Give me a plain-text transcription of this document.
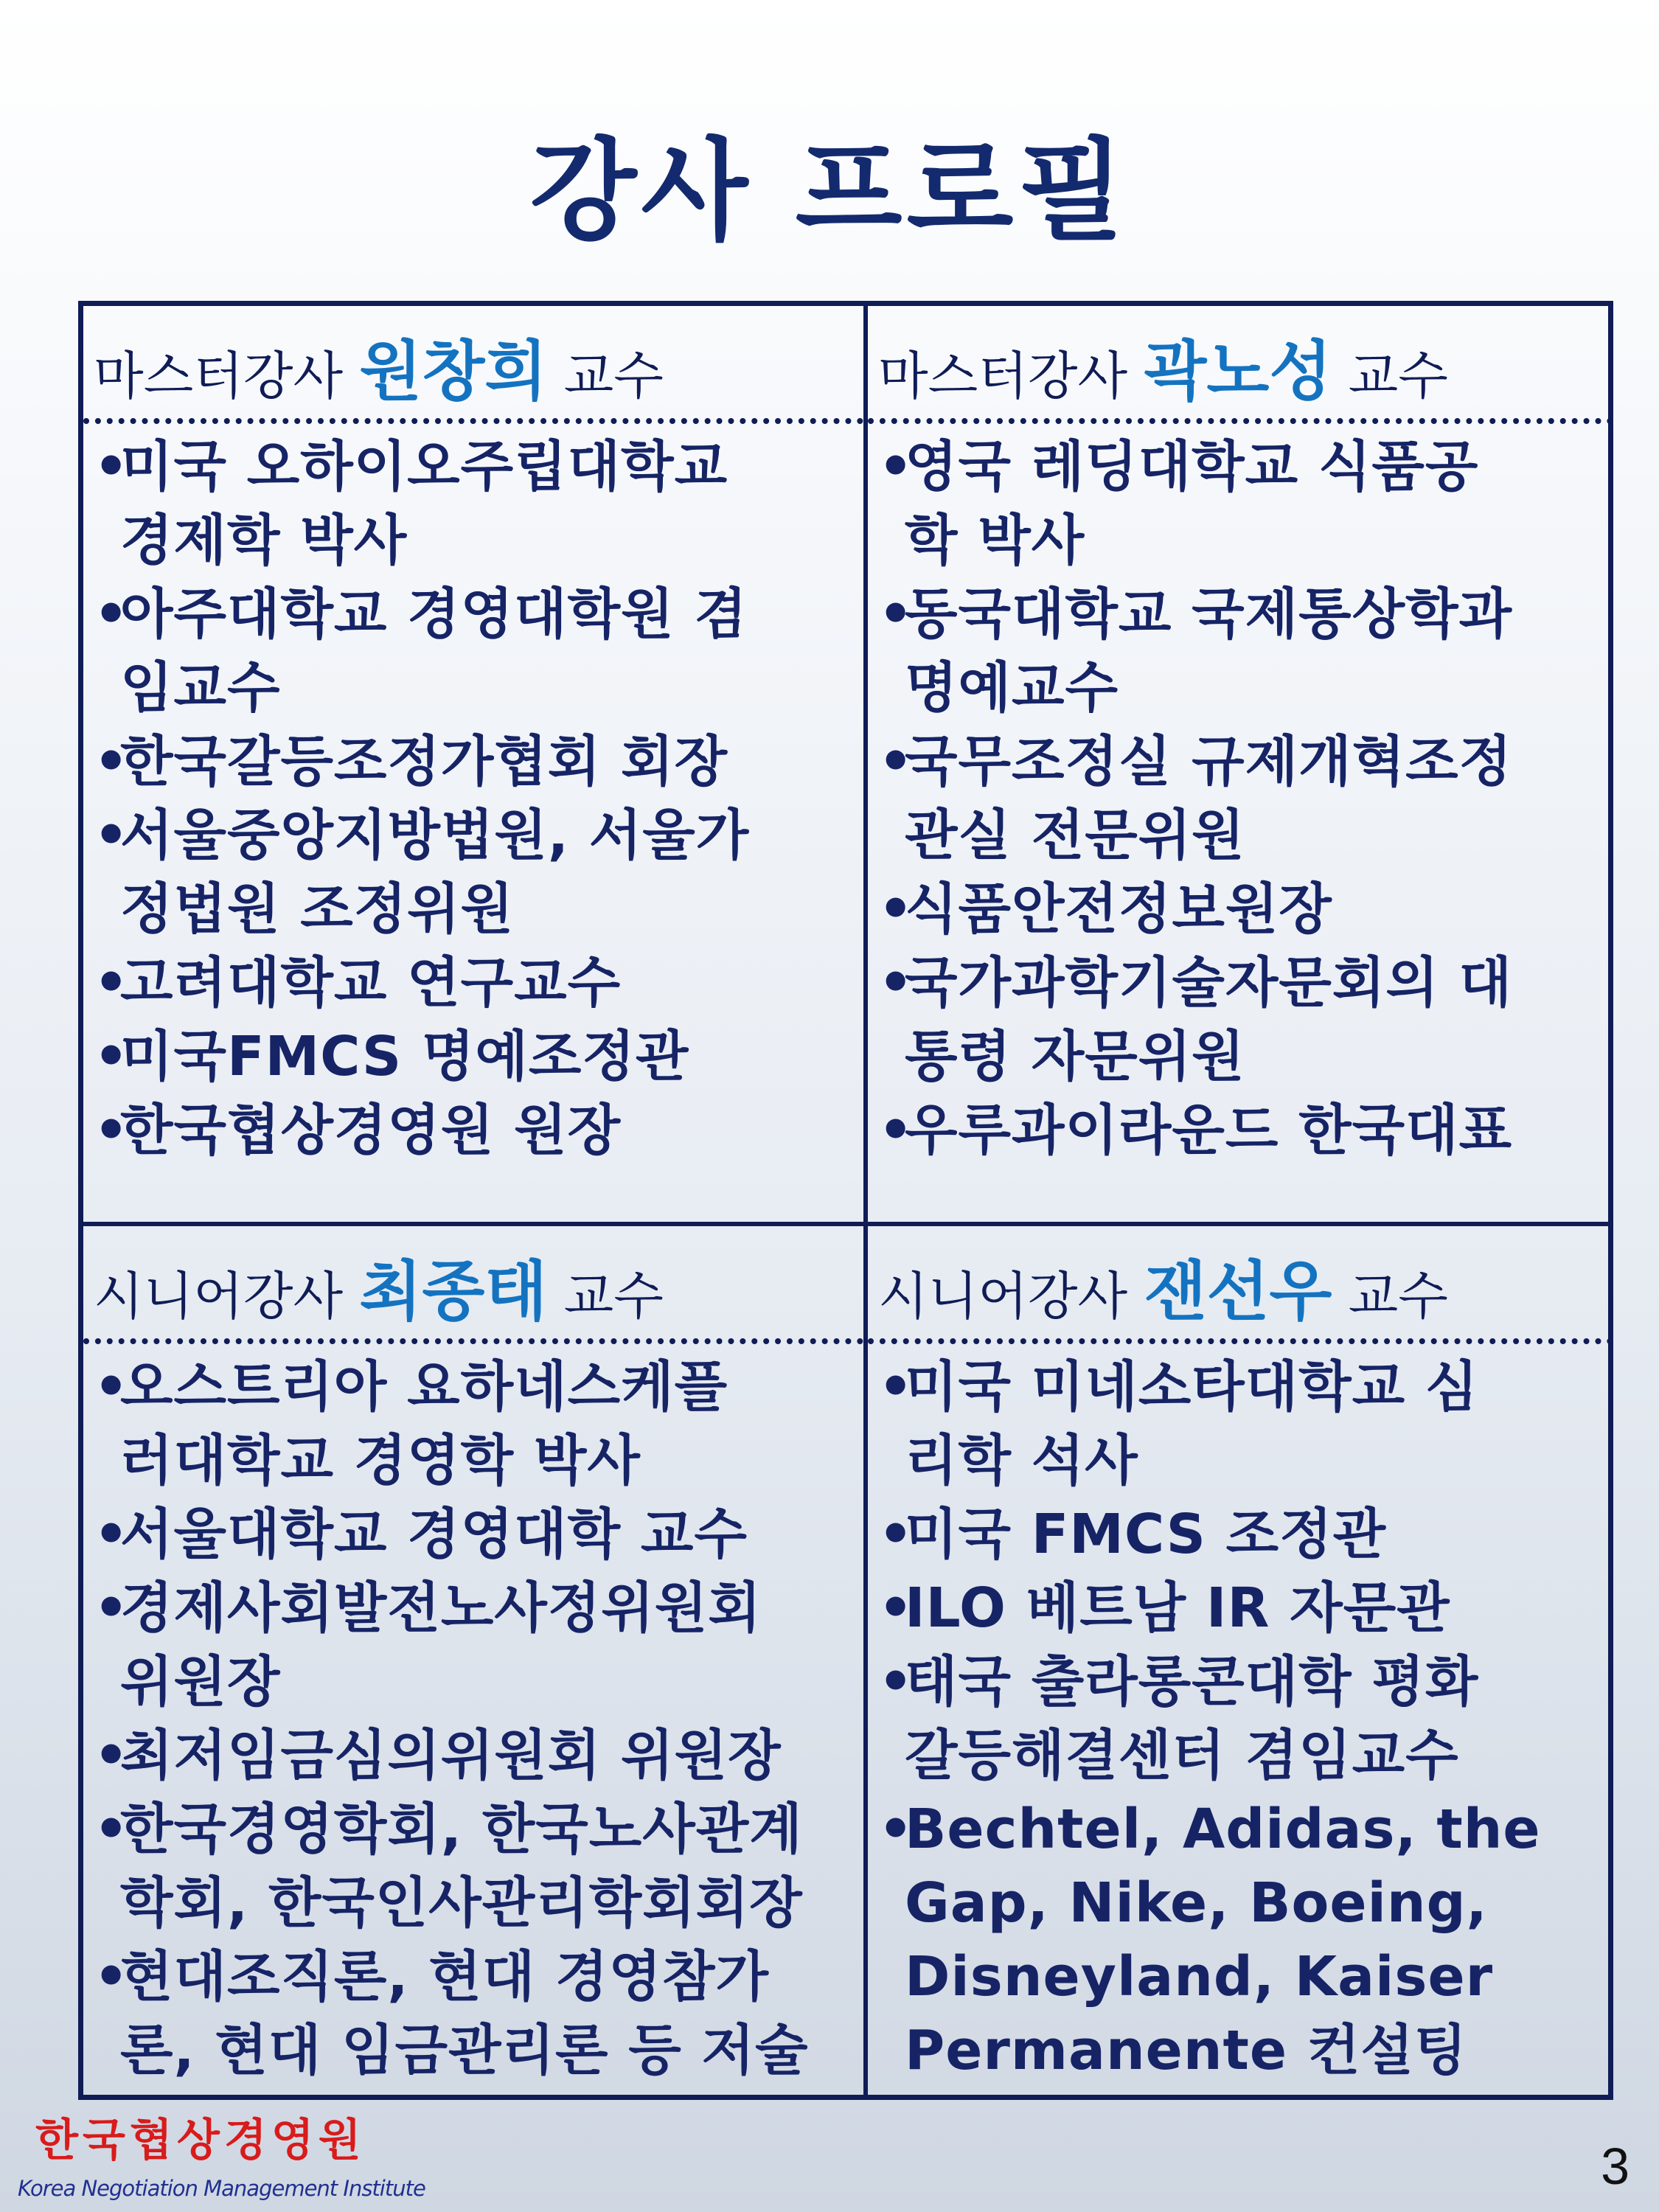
강사 프로필
마스터강사 원창희 교수
•
미국 오하이오주립대학교
경제학 박사
•
아주대학교 경영대학원 겸
임교수
•
한국갈등조정가협회 회장
•
서울중앙지방법원, 서울가
정법원 조정위원
•
고려대학교 연구교수
•
미국FMCS 명예조정관
•
한국협상경영원 원장
마스터강사 곽노성 교수
•
영국 레딩대학교 식품공
학 박사
•
동국대학교 국제통상학과
명예교수
•
국무조정실 규제개혁조정
관실 전문위원
•
식품안전정보원장
•
국가과학기술자문회의 대
통령 자문위원
•
우루과이라운드 한국대표
시니어강사 최종태 교수
•
오스트리아 요하네스케플
러대학교 경영학 박사
•
서울대학교 경영대학 교수
•
경제사회발전노사정위원회
위원장
•
최저임금심의위원회 위원장
•
한국경영학회, 한국노사관계
학회, 한국인사관리학회회장
•
현대조직론, 현대 경영참가
론, 현대 임금관리론 등 저술
시니어강사 잰선우 교수
•
미국 미네소타대학교 심
리학 석사
•
미국 FMCS 조정관
•
ILO 베트남 IR 자문관
•
태국 출라롱콘대학 평화
갈등해결센터 겸임교수
•
Bechtel, Adidas, the
Gap, Nike, Boeing,
Disneyland, Kaiser
Permanente 컨설팅
한국협상경영원
Korea Negotiation Management Institute	3
